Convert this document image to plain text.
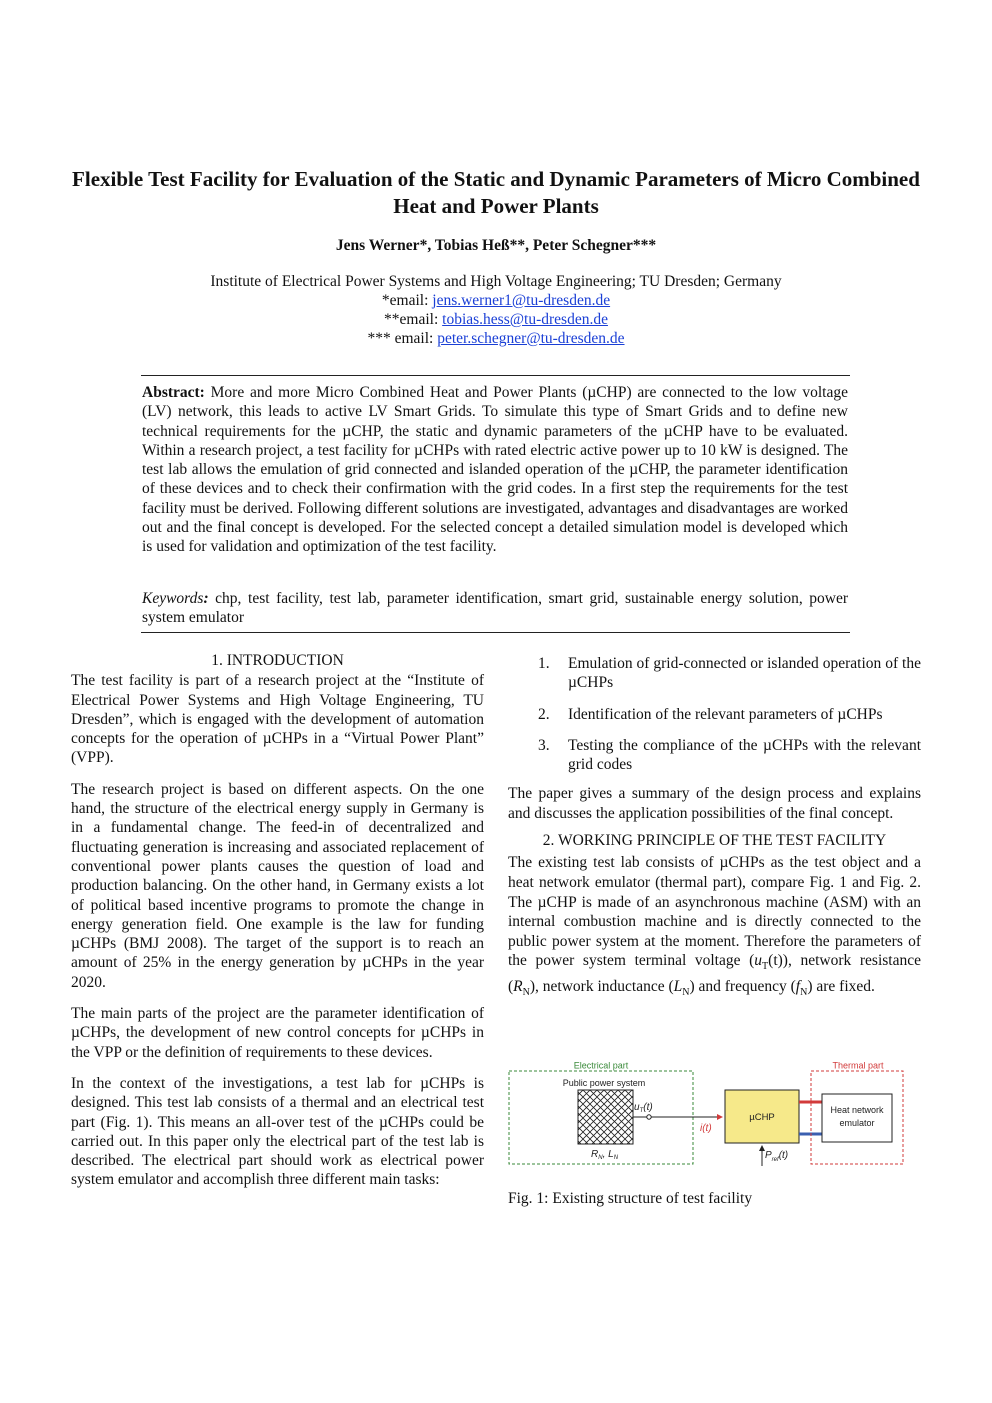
Flexible Test Facility for Evaluation of the Static and Dynamic Parameters of Micro Combined Heat and Power Plants
Jens Werner*, Tobias Heß**, Peter Schegner***
Institute of Electrical Power Systems and High Voltage Engineering; TU Dresden; Germany
*email: jens.werner1@tu-dresden.de
**email: tobias.hess@tu-dresden.de
*** email: peter.schegner@tu-dresden.de
Abstract: More and more Micro Combined Heat and Power Plants (µCHP) are connected to the low voltage (LV) network, this leads to active LV Smart Grids. To simulate this type of Smart Grids and to define new technical requirements for the µCHP, the static and dynamic parameters of the µCHP have to be evaluated. Within a research project, a test facility for µCHPs with rated electric active power up to 10 kW is designed. The test lab allows the emulation of grid connected and islanded operation of the µCHP, the parameter identification of these devices and to check their confirmation with the grid codes. In a first step the requirements for the test facility must be derived. Following different solutions are investigated, advantages and disadvantages are worked out and the final concept is developed. For the selected concept a detailed simulation model is developed which is used for validation and optimization of the test facility.
Keywords: chp, test facility, test lab, parameter identification, smart grid, sustainable energy solution, power system emulator

1. INTRODUCTION

The test facility is part of a research project at the “Institute of Electrical Power Systems and High Voltage Engineering, TU Dresden”, which is engaged with the development of automation concepts for the operation of µCHPs in a “Virtual Power Plant” (VPP).

The research project is based on different aspects. On the one hand, the structure of the electrical energy supply in Germany is in a fundamental change. The feed-in of decentralized and fluctuating generation is increasing and associated replacement of conventional power plants causes the question of load and production balancing. On the other hand, in Germany exists a lot of political based incentive programs to promote the change in energy generation field. One example is the law for funding µCHPs (BMJ 2008). The target of the support is to reach an amount of 25% in the energy generation by µCHPs in the year 2020.

The main parts of the project are the parameter identification of µCHPs, the development of new control concepts for µCHPs in the VPP or the definition of requirements to these devices.

In the context of the investigations, a test lab for µCHPs is designed. This test lab consists of a thermal and an electrical test part (Fig. 1). This means an all-over test of the µCHPs could be carried out. In this paper only the electrical part of the test lab is described. The electrical part should work as electrical power system emulator and accomplish three different main tasks:

1.	Emulation of grid-connected or islanded operation of the µCHPs
2.	Identification of the relevant parameters of µCHPs
3.	Testing the compliance of the µCHPs with the relevant grid codes

The paper gives a summary of the design process and explains and discusses the application possibilities of the final concept.

2. WORKING PRINCIPLE OF THE TEST FACILITY

The existing test lab consists of µCHPs as the test object and a heat network emulator (thermal part), compare Fig. 1 and Fig. 2. The µCHP is made of an asynchronous machine (ASM) with an internal combustion machine and is directly connected to the public power system at the moment. Therefore the parameters of the power system terminal voltage $(u_T(t))$, network resistance $(R_N)$, network inductance $(L_N)$ and frequency $(f_N)$ are fixed.

Electrical part
Public power system
$u_T(t)$
i(t)
$R_N$, $L_N$
µCHP
$P_{ref}(t)$
Thermal part
Heat network
emulator
Fig. 1: Existing structure of test facility
